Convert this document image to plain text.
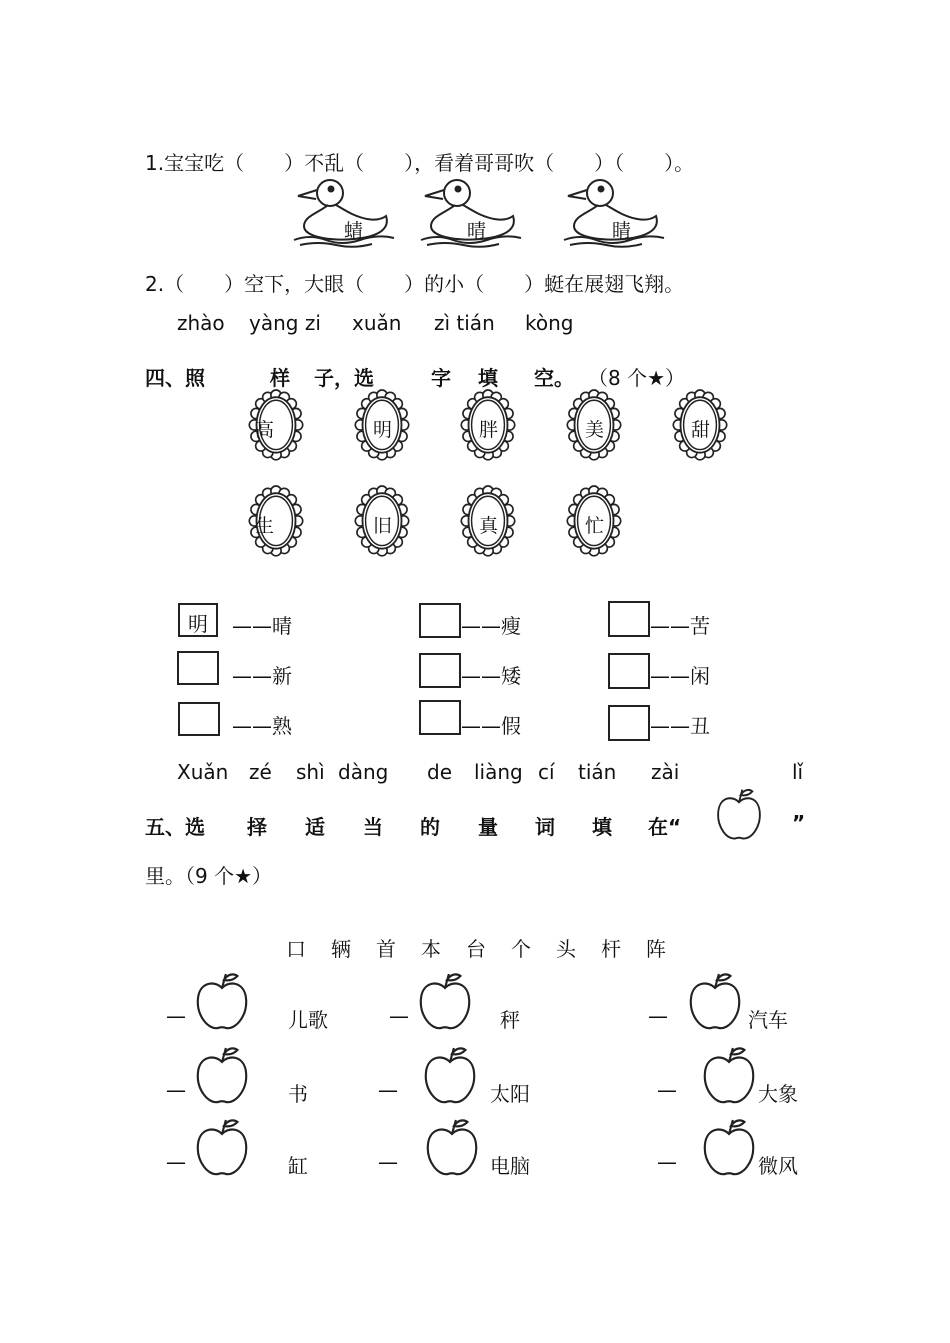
1.宝宝吃（　　）不乱（　　），看着哥哥吹（　　）（　　）。
蜻	晴	睛
2.（　　）空下，大眼（　　）的小（　　）蜓在展翅飞翔。
zhào yàng zi xuǎn zì tián kòng
四、照	样 子，选	字 填 空。 （8 个★）
高	明	胖	美	甜
生	旧	真	忙
明 ——晴	——瘦	——苦
——新	——矮	——闲
——熟	——假	——丑
Xuǎn zé shì dàng de liàng cí tián zài	lǐ
五、选 择 适 当 的 量 词 填 在“	”
里。（9 个★）
口 辆 首 本 台 个 头 杆 阵
—	儿歌	—	秤	—	汽车
—	书	—	太阳	—	大象
—	缸	—	电脑	—	微风
